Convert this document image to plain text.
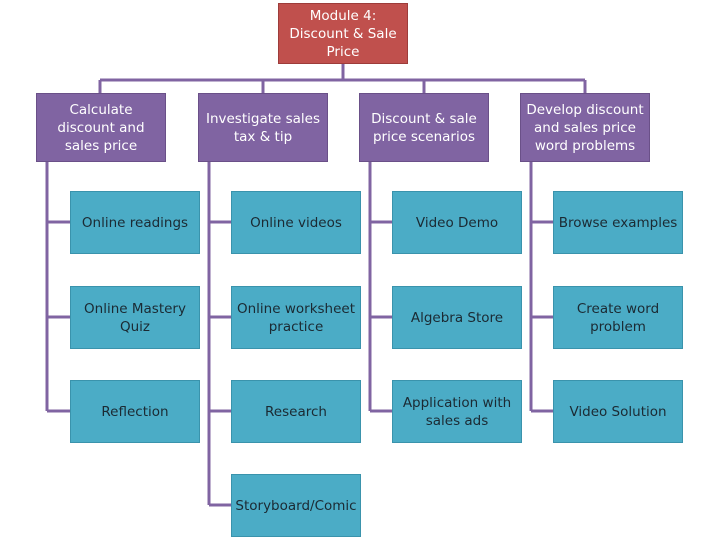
Module 4: Discount & Sale Price
Calculate discount and sales price
Investigate sales tax & tip
Discount & sale price scenarios
Develop discount and sales price word problems
Online readings
Online Mastery Quiz
Reflection
Online videos
Online worksheet practice
Research
Storyboard/Comic
Video Demo
Algebra Store
Application with sales ads
Browse examples
Create word problem
Video Solution
